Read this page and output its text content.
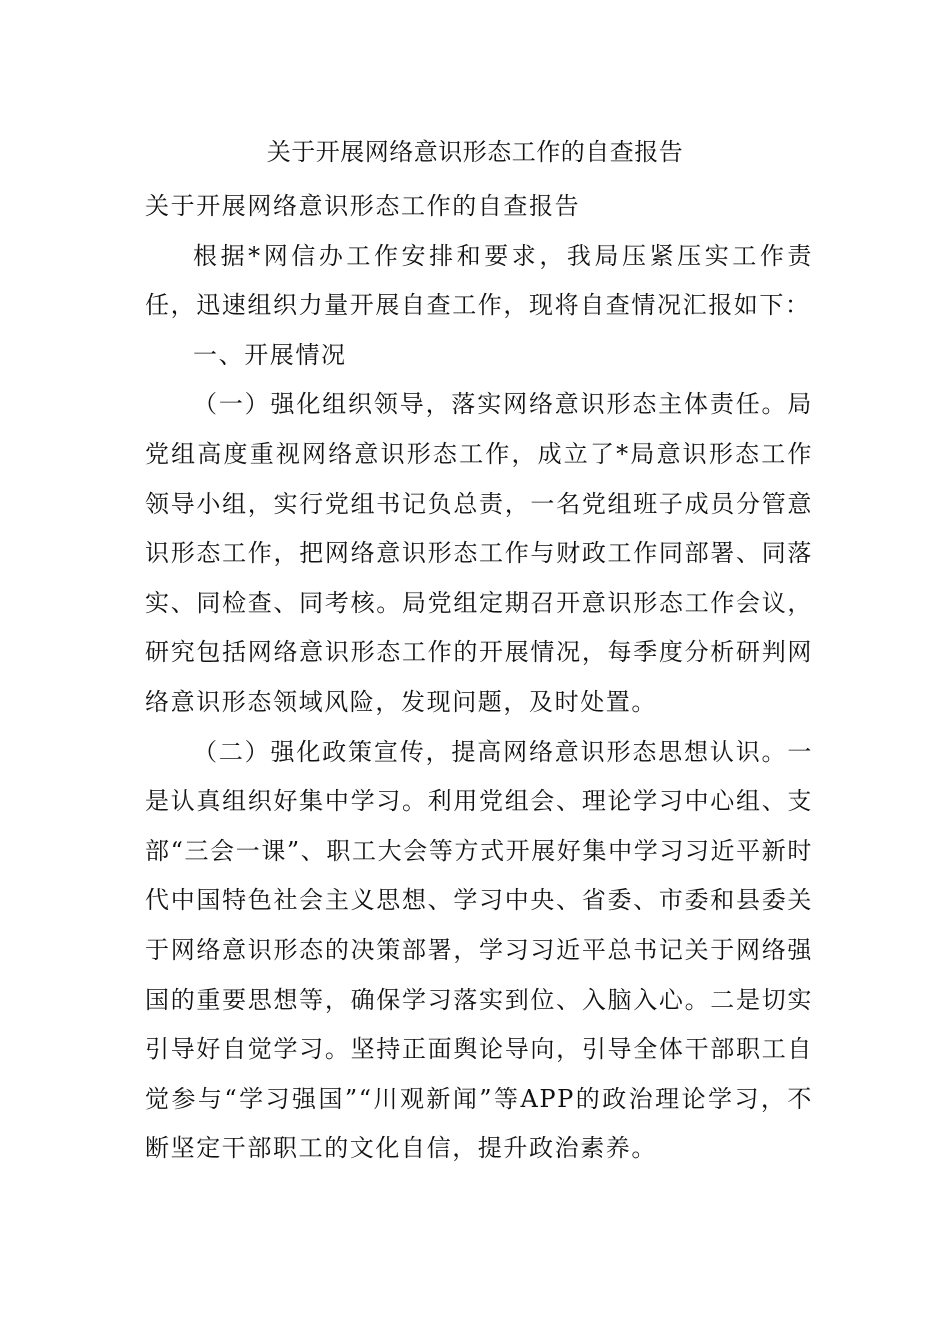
关于开展网络意识形态工作的自查报告

关于开展网络意识形态工作的自查报告

根据*网信办工作安排和要求，我局压紧压实工作责任，迅速组织力量开展自查工作，现将自查情况汇报如下：

一、开展情况

（一）强化组织领导，落实网络意识形态主体责任。局党组高度重视网络意识形态工作，成立了*局意识形态工作领导小组，实行党组书记负总责，一名党组班子成员分管意识形态工作，把网络意识形态工作与财政工作同部署、同落实、同检查、同考核。局党组定期召开意识形态工作会议，研究包括网络意识形态工作的开展情况，每季度分析研判网络意识形态领域风险，发现问题，及时处置。

（二）强化政策宣传，提高网络意识形态思想认识。一是认真组织好集中学习。利用党组会、理论学习中心组、支部“三会一课”、职工大会等方式开展好集中学习习近平新时代中国特色社会主义思想、学习中央、省委、市委和县委关于网络意识形态的决策部署，学习习近平总书记关于网络强国的重要思想等，确保学习落实到位、入脑入心。二是切实引导好自觉学习。坚持正面舆论导向，引导全体干部职工自觉参与“学习强国”“川观新闻”等APP的政治理论学习，不断坚定干部职工的文化自信，提升政治素养。
